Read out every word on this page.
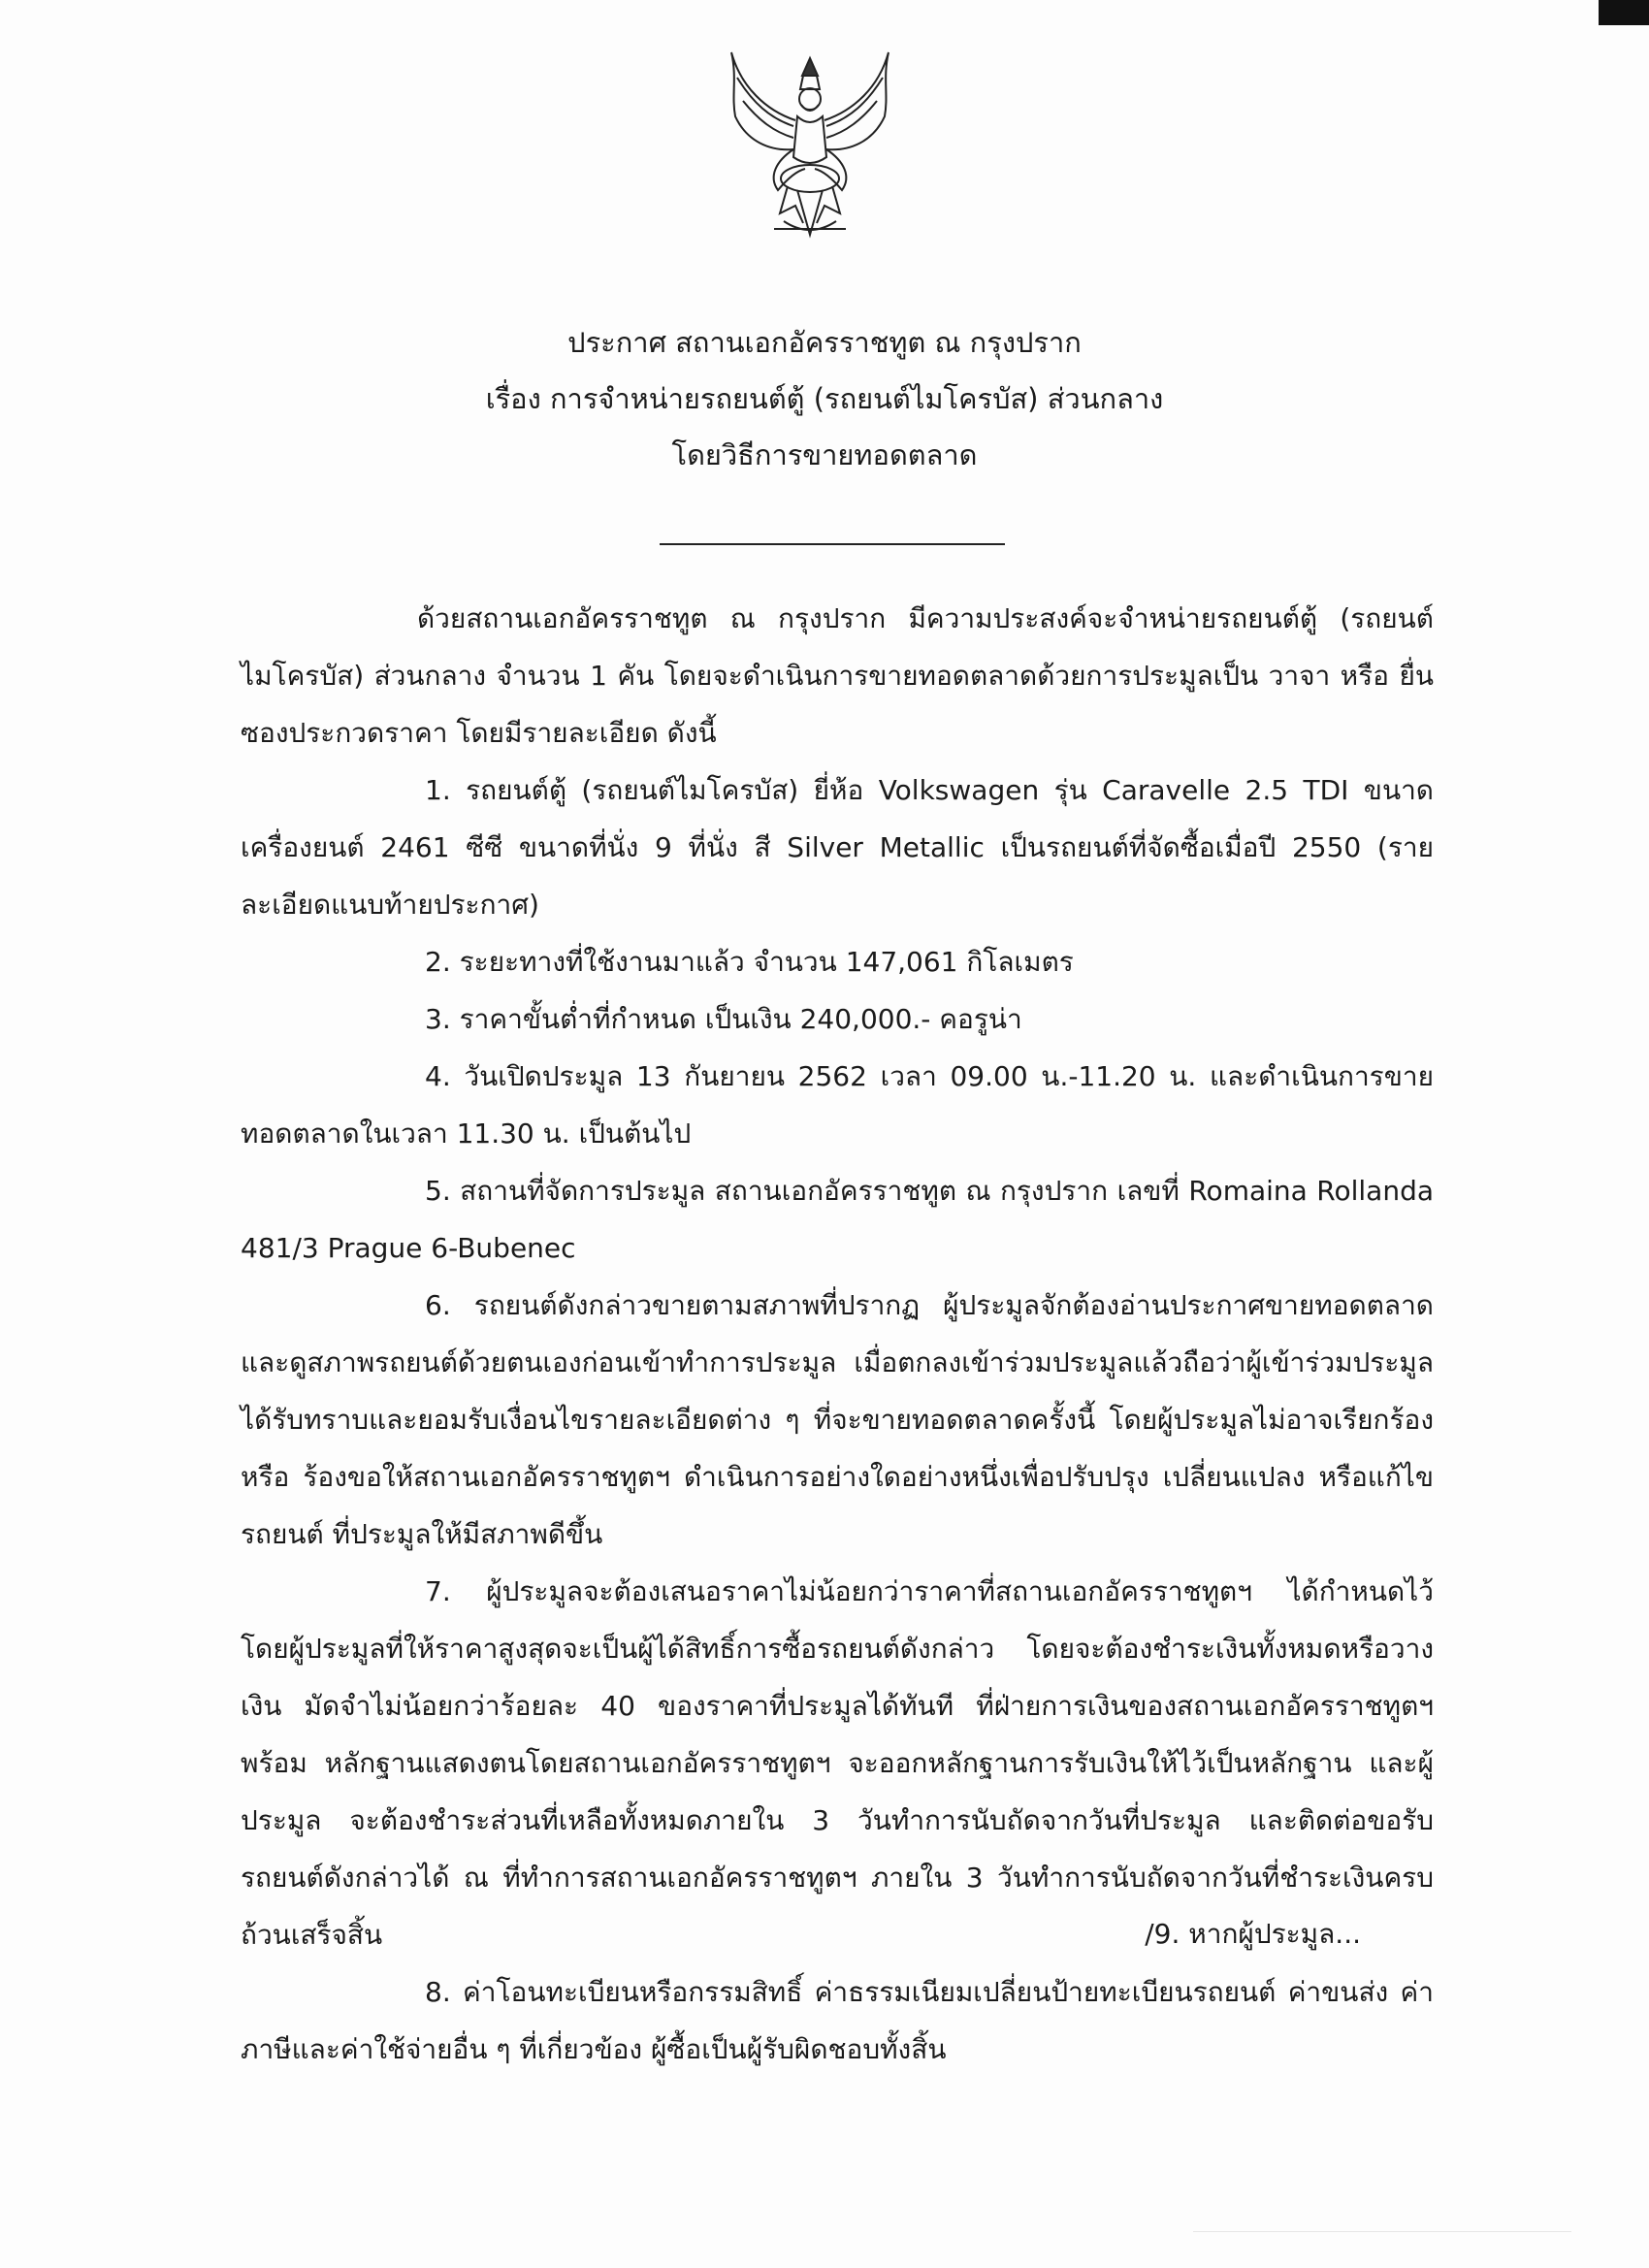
ประกาศ สถานเอกอัครราชทูต ณ กรุงปราก
เรื่อง การจำหน่ายรถยนต์ตู้ (รถยนต์ไมโครบัส) ส่วนกลาง
โดยวิธีการขายทอดตลาด

ด้วยสถานเอกอัครราชทูต ณ กรุงปราก มีความประสงค์จะจำหน่ายรถยนต์ตู้ (รถยนต์ไมโครบัส) ส่วนกลาง จำนวน 1 คัน โดยจะดำเนินการขายทอดตลาดด้วยการประมูลเป็น วาจา หรือ ยื่นซองประกวดราคา โดยมีรายละเอียด ดังนี้

1. รถยนต์ตู้ (รถยนต์ไมโครบัส) ยี่ห้อ Volkswagen รุ่น Caravelle 2.5 TDI ขนาดเครื่องยนต์ 2461 ซีซี ขนาดที่นั่ง 9 ที่นั่ง สี Silver Metallic เป็นรถยนต์ที่จัดซื้อเมื่อปี 2550 (รายละเอียดแนบท้ายประกาศ)

2. ระยะทางที่ใช้งานมาแล้ว จำนวน 147,061 กิโลเมตร

3. ราคาขั้นต่ำที่กำหนด เป็นเงิน 240,000.- คอรูน่า

4. วันเปิดประมูล 13 กันยายน 2562 เวลา 09.00 น.-11.20 น. และดำเนินการขาย ทอดตลาดในเวลา 11.30 น. เป็นต้นไป

5. สถานที่จัดการประมูล สถานเอกอัครราชทูต ณ กรุงปราก เลขที่ Romaina Rollanda 481/3 Prague 6-Bubenec

6. รถยนต์ดังกล่าวขายตามสภาพที่ปรากฏ ผู้ประมูลจักต้องอ่านประกาศขายทอดตลาด และดูสภาพรถยนต์ด้วยตนเองก่อนเข้าทำการประมูล เมื่อตกลงเข้าร่วมประมูลแล้วถือว่าผู้เข้าร่วมประมูล ได้รับทราบและยอมรับเงื่อนไขรายละเอียดต่าง ๆ ที่จะขายทอดตลาดครั้งนี้ โดยผู้ประมูลไม่อาจเรียกร้องหรือ ร้องขอให้สถานเอกอัครราชทูตฯ ดำเนินการอย่างใดอย่างหนึ่งเพื่อปรับปรุง เปลี่ยนแปลง หรือแก้ไขรถยนต์ ที่ประมูลให้มีสภาพดีขึ้น

7. ผู้ประมูลจะต้องเสนอราคาไม่น้อยกว่าราคาที่สถานเอกอัครราชทูตฯ ได้กำหนดไว้ โดยผู้ประมูลที่ให้ราคาสูงสุดจะเป็นผู้ได้สิทธิ์การซื้อรถยนต์ดังกล่าว โดยจะต้องชำระเงินทั้งหมดหรือวางเงิน มัดจำไม่น้อยกว่าร้อยละ 40 ของราคาที่ประมูลได้ทันที ที่ฝ่ายการเงินของสถานเอกอัครราชทูตฯ พร้อม หลักฐานแสดงตนโดยสถานเอกอัครราชทูตฯ จะออกหลักฐานการรับเงินให้ไว้เป็นหลักฐาน และผู้ประมูล จะต้องชำระส่วนที่เหลือทั้งหมดภายใน 3 วันทำการนับถัดจากวันที่ประมูล และติดต่อขอรับรถยนต์ดังกล่าวได้ ณ ที่ทำการสถานเอกอัครราชทูตฯ ภายใน 3 วันทำการนับถัดจากวันที่ชำระเงินครบถ้วนเสร็จสิ้น

8. ค่าโอนทะเบียนหรือกรรมสิทธิ์ ค่าธรรมเนียมเปลี่ยนป้ายทะเบียนรถยนต์ ค่าขนส่ง ค่าภาษีและค่าใช้จ่ายอื่น ๆ ที่เกี่ยวข้อง ผู้ซื้อเป็นผู้รับผิดชอบทั้งสิ้น

/9. หากผู้ประมูล...
